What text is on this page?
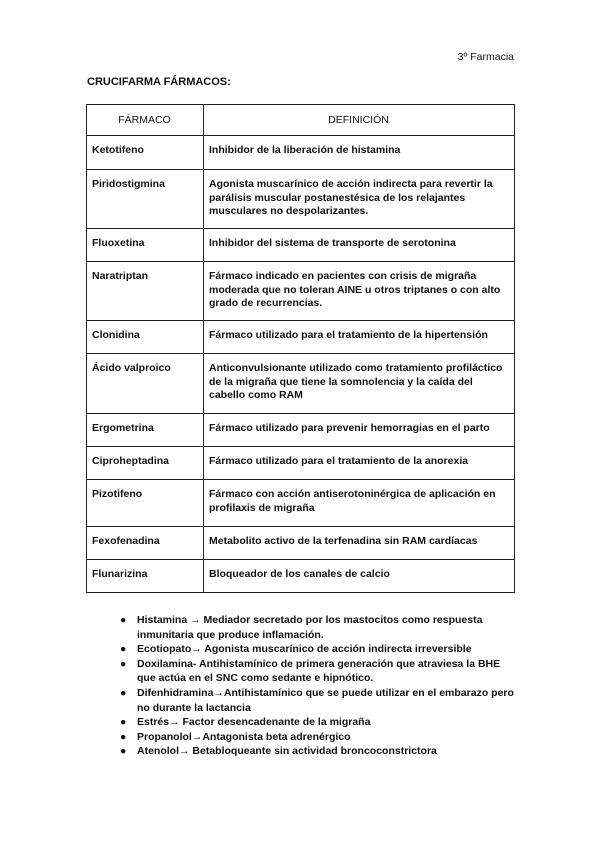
3º Farmacia
CRUCIFARMA FÁRMACOS:
FÁRMACO	DEFINICIÓN
Ketotifeno	Inhibidor de la liberación de histamina
Piridostigmina	Agonista muscarínico de acción indirecta para revertir la parálisis muscular postanestésica de los relajantes musculares no despolarizantes.
Fluoxetina	Inhibidor del sistema de transporte de serotonina
Naratriptan	Fármaco indicado en pacientes con crisis de migraña moderada que no toleran AINE u otros triptanes o con alto grado de recurrencias.
Clonidina	Fármaco utilizado para el tratamiento de la hipertensión
Ácido valproico	Anticonvulsionante utilizado como tratamiento profiláctico de la migraña que tiene la somnolencia y la caída del cabello como RAM
Ergometrina	Fármaco utilizado para prevenir hemorragias en el parto
Ciproheptadina	Fármaco utilizado para el tratamiento de la anorexia
Pizotifeno	Fármaco con acción antiserotoninérgica de aplicación en profilaxis de migraña
Fexofenadina	Metabolito activo de la terfenadina sin RAM cardíacas
Flunarizina	Bloqueador de los canales de calcio
● Histamina → Mediador secretado por los mastocitos como respuesta inmunitaria que produce inflamación.
● Ecotiopato→ Agonista muscarínico de acción indirecta irreversible
● Doxilamina- Antihistamínico de primera generación que atraviesa la BHE que actúa en el SNC como sedante e hipnótico.
● Difenhidramina→Antihistamínico que se puede utilizar en el embarazo pero no durante la lactancia
● Estrés→ Factor desencadenante de la migraña
● Propanolol→Antagonista beta adrenérgico
● Atenolol→ Betabloqueante sin actividad broncoconstrictora
